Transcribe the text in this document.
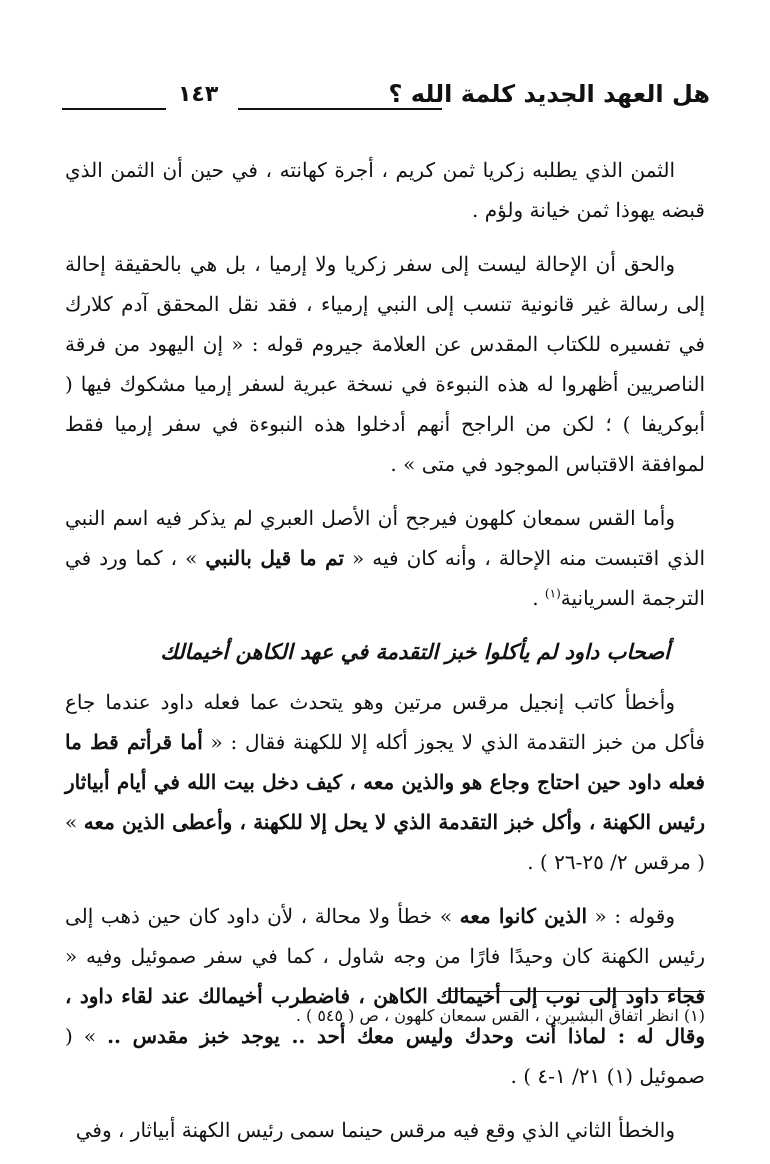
هل العهد الجديد كلمة الله ؟
١٤٣

الثمن الذي يطلبه زكريا ثمن كريم ، أجرة كهانته ، في حين أن الثمن الذي قبضه يهوذا ثمن خيانة ولؤم .

والحق أن الإحالة ليست إلى سفر زكريا ولا إرميا ، بل هي بالحقيقة إحالة إلى رسالة غير قانونية تنسب إلى النبي إرمياء ، فقد نقل المحقق آدم كلارك في تفسيره للكتاب المقدس عن العلامة جيروم قوله : « إن اليهود من فرقة الناصريين أظهروا له هذه النبوءة في نسخة عبرية لسفر إرميا مشكوك فيها ( أبوكريفا ) ؛ لكن من الراجح أنهم أدخلوا هذه النبوءة في سفر إرميا فقط لموافقة الاقتباس الموجود في متى » .

وأما القس سمعان كلهون فيرجح أن الأصل العبري لم يذكر فيه اسم النبي الذي اقتبست منه الإحالة ، وأنه كان فيه « تم ما قيل بالنبي » ، كما ورد في الترجمة السريانية$^{(١)}$ .

أصحاب داود لم يأكلوا خبز التقدمة في عهد الكاهن أخيمالك

وأخطأ كاتب إنجيل مرقس مرتين وهو يتحدث عما فعله داود عندما جاع فأكل من خبز التقدمة الذي لا يجوز أكله إلا للكهنة فقال : « أما قرأتم قط ما فعله داود حين احتاج وجاع هو والذين معه ، كيف دخل بيت الله في أيام أبياثار رئيس الكهنة ، وأكل خبز التقدمة الذي لا يحل إلا للكهنة ، وأعطى الذين معه » ( مرقس ٢/ ٢٥-٢٦ ) .

وقوله : « الذين كانوا معه » خطأ ولا محالة ، لأن داود كان حين ذهب إلى رئيس الكهنة كان وحيدًا فارًا من وجه شاول ، كما في سفر صموئيل وفيه « فجاء داود إلى نوب إلى أخيمالك الكاهن ، فاضطرب أخيمالك عند لقاء داود ، وقال له : لماذا أنت وحدك وليس معك أحد .. يوجد خبز مقدس .. » ( صموئيل (١) ٢١/ ١-٤ ) .

والخطأ الثاني الذي وقع فيه مرقس حينما سمى رئيس الكهنة أبياثار ، وفي

(١) انظر اتفاق البشيرين ، القس سمعان كلهون ، ص ( ٥٤٥ ) .
